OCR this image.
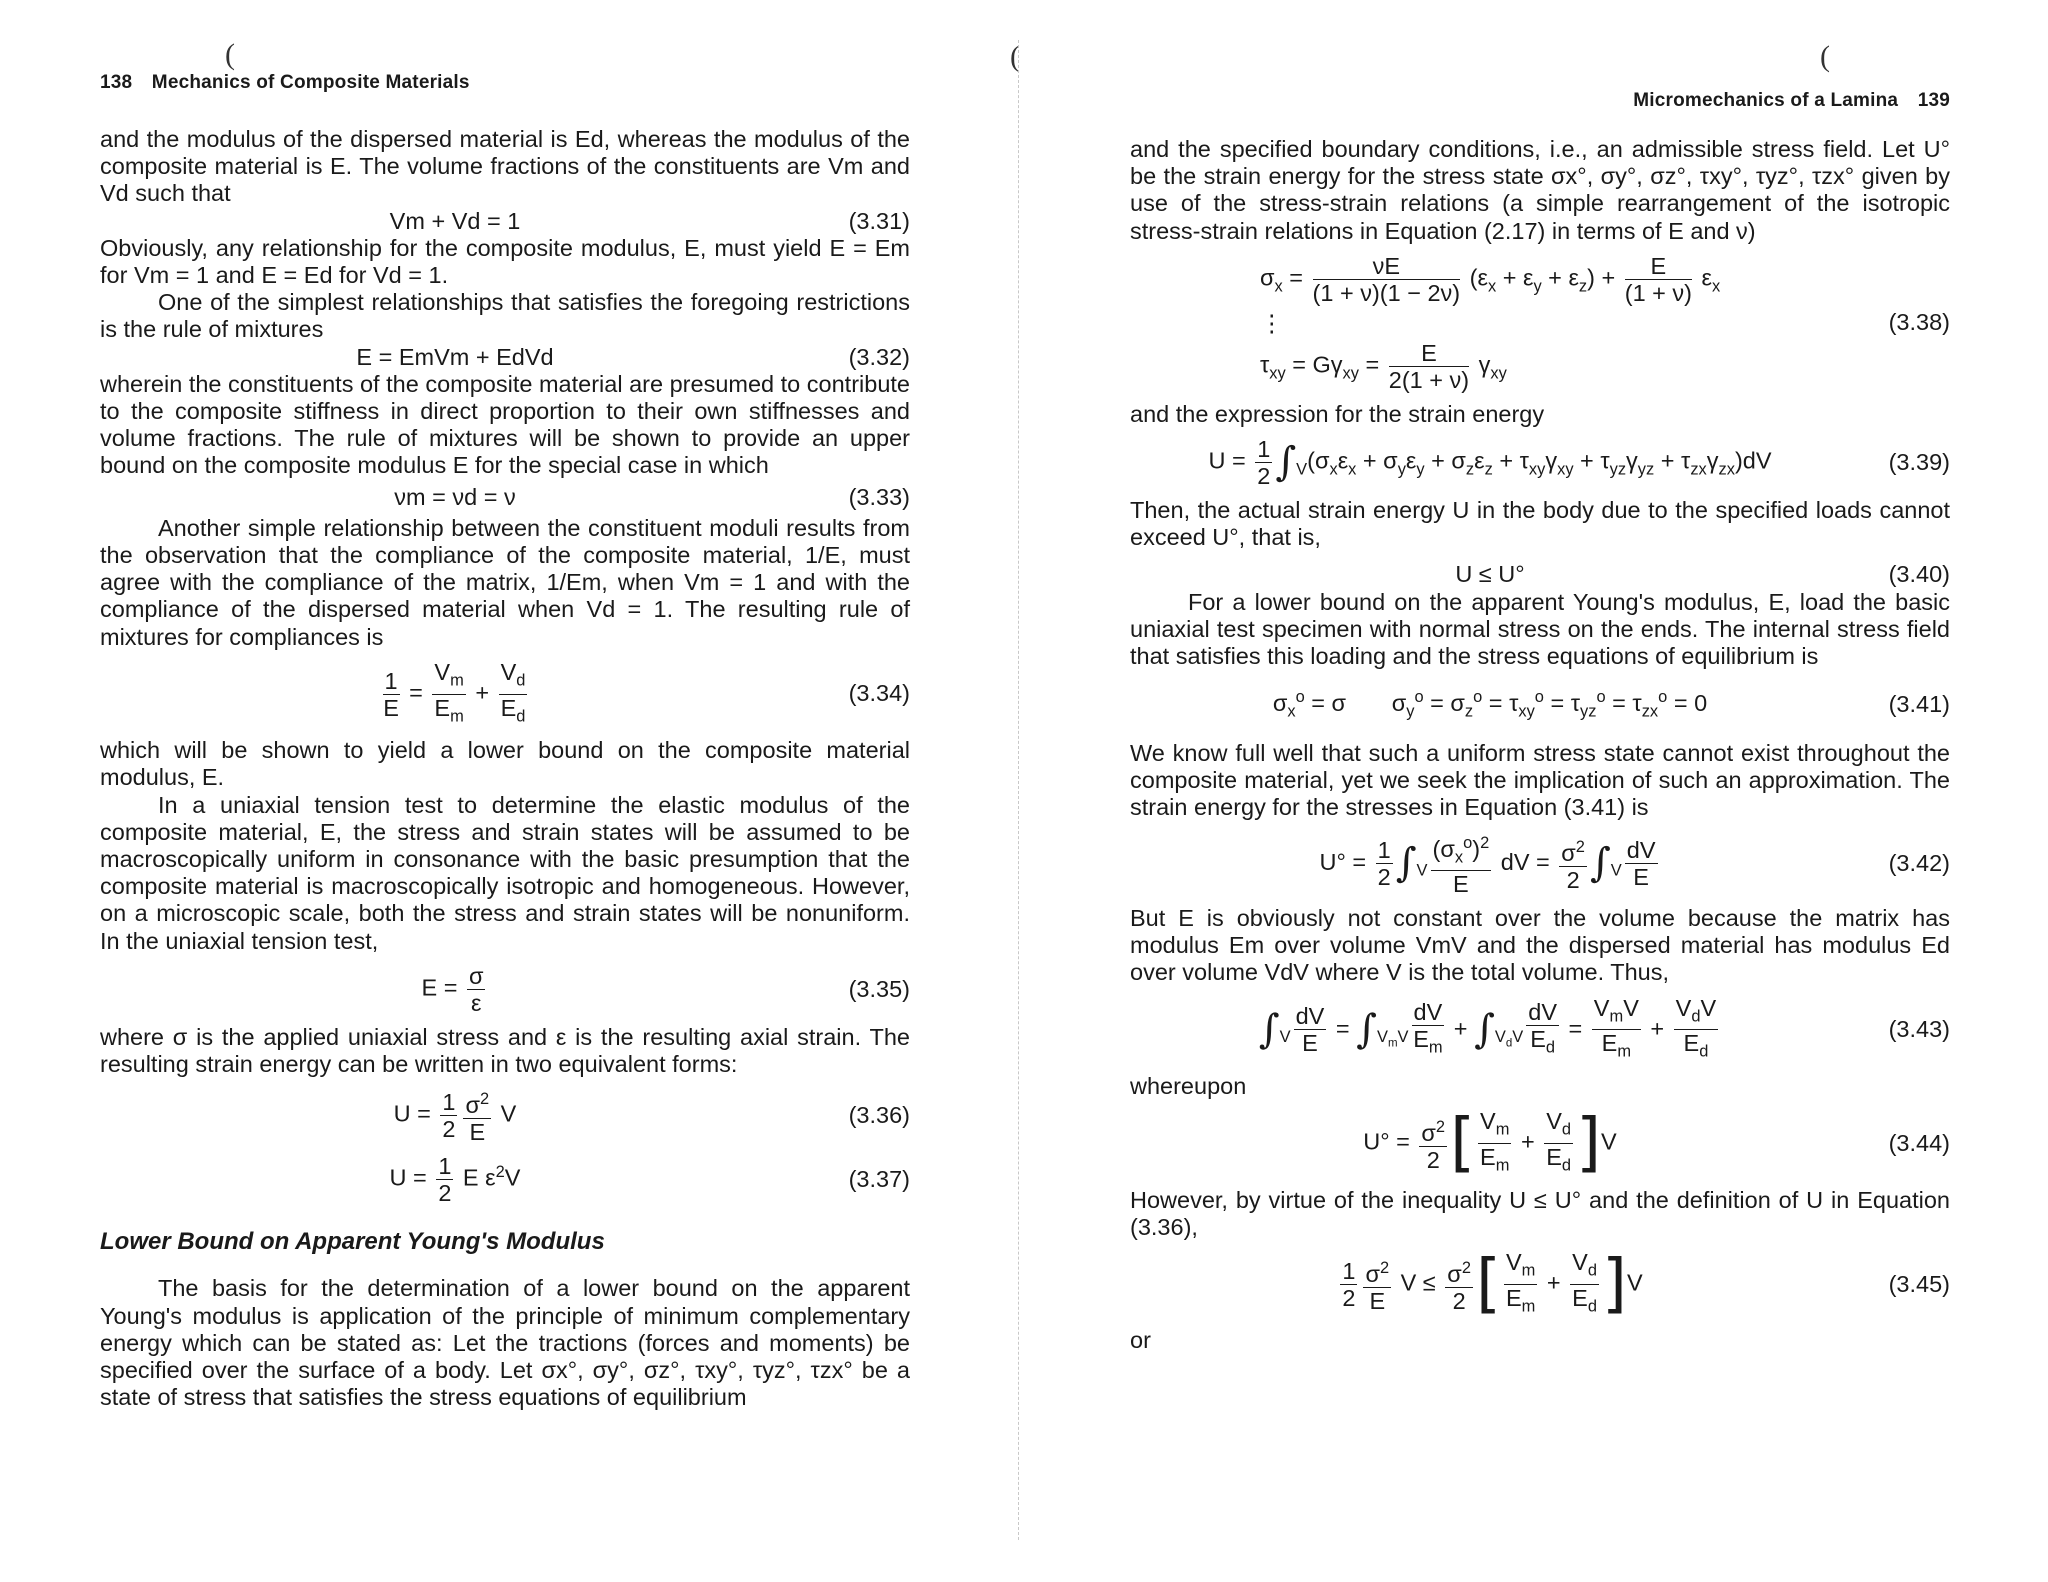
(	(	(
138 Mechanics of Composite Materials

and the modulus of the dispersed material is Ed, whereas the modulus of the composite material is E. The volume fractions of the constituents are Vm and Vd such that

Vm + Vd = 1	(3.31)

Obviously, any relationship for the composite modulus, E, must yield E = Em for Vm = 1 and E = Ed for Vd = 1.

One of the simplest relationships that satisfies the foregoing restrictions is the rule of mixtures

E = EmVm + EdVd	(3.32)

wherein the constituents of the composite material are presumed to contribute to the composite stiffness in direct proportion to their own stiffnesses and volume fractions. The rule of mixtures will be shown to provide an upper bound on the composite modulus E for the special case in which

νm = νd = ν	(3.33)

Another simple relationship between the constituent moduli results from the observation that the compliance of the composite material, 1/E, must agree with the compliance of the matrix, 1/Em, when Vm = 1 and with the compliance of the dispersed material when Vd = 1. The resulting rule of mixtures for compliances is

$\frac{1}{E} = \frac{V_m}{E_m} + \frac{V_d}{E_d}$	(3.34)

which will be shown to yield a lower bound on the composite material modulus, E.

In a uniaxial tension test to determine the elastic modulus of the composite material, E, the stress and strain states will be assumed to be macroscopically uniform in consonance with the basic presumption that the composite material is macroscopically isotropic and homogeneous. However, on a microscopic scale, both the stress and strain states will be nonuniform. In the uniaxial tension test,

$E = \frac{\sigma}{\varepsilon}$	(3.35)

where σ is the applied uniaxial stress and ε is the resulting axial strain. The resulting strain energy can be written in two equivalent forms:

$U = \frac{1}{2} \frac{\sigma^2}{E}$ V	(3.36)
$U = \frac{1}{2}$ E $\varepsilon^2V$	(3.37)
Lower Bound on Apparent Young's Modulus

The basis for the determination of a lower bound on the apparent Young's modulus is application of the principle of minimum complementary energy which can be stated as: Let the tractions (forces and moments) be specified over the surface of a body. Let σx°, σy°, σz°, τxy°, τyz°, τzx° be a state of stress that satisfies the stress equations of equilibrium

Micromechanics of a Lamina 139

and the specified boundary conditions, i.e., an admissible stress field. Let U° be the strain energy for the stress state σx°, σy°, σz°, τxy°, τyz°, τzx° given by use of the stress-strain relations (a simple rearrangement of the isotropic stress-strain relations in Equation (2.17) in terms of E and ν)

$\sigma_x = \frac{\nu E}{(1 + \nu)(1 - 2\nu)} (\varepsilon_x + \varepsilon_y + \varepsilon_z) + \frac{E}{(1 + \nu)} \varepsilon_x$
⋮
$\tau_{xy} = G\gamma_{xy} = \frac{E}{2(1 + \nu)} \gamma_{xy}$
(3.38)

and the expression for the strain energy

$U = \frac{1}{2} \int_V(\sigma_x\varepsilon_x + \sigma_y\varepsilon_y + \sigma_z\varepsilon_z + \tau_{xy}\gamma_{xy} + \tau_{yz}\gamma_{yz} + \tau_{zx}\gamma_{zx})dV$	(3.39)

Then, the actual strain energy U in the body due to the specified loads cannot exceed U°, that is,

U ≤ U°	(3.40)

For a lower bound on the apparent Young's modulus, E, load the basic uniaxial test specimen with normal stress on the ends. The internal stress field that satisfies this loading and the stress equations of equilibrium is

$\sigma_x^o = \sigma$       $\sigma_y^o = \sigma_z^o = \tau_{xy}^o = \tau_{yz}^o = \tau_{zx}^o = 0$	(3.41)

We know full well that such a uniform stress state cannot exist throughout the composite material, yet we seek the implication of such an approximation. The strain energy for the stresses in Equation (3.41) is

$U^\circ = \frac{1}{2} \int_V \frac{(\sigma_x^o)^2}{E}$ dV = $\frac{\sigma^2}{2} \int_V \frac{dV}{E}$	(3.42)

But E is obviously not constant over the volume because the matrix has modulus Em over volume VmV and the dispersed material has modulus Ed over volume VdV where V is the total volume. Thus,

$\int_V \frac{dV}{E} = \int_{V_mV} \frac{dV}{E_m} + \int_{V_dV} \frac{dV}{E_d} = \frac{V_mV}{E_m} + \frac{V_dV}{E_d}$	(3.43)

whereupon

$U^\circ = \frac{\sigma^2}{2}$ [ $\frac{V_m}{E_m} + \frac{V_d}{E_d} ]V$	(3.44)

However, by virtue of the inequality U ≤ U° and the definition of U in Equation (3.36),

$\frac{1}{2} \frac{\sigma^2}{E}$ $V \le \frac{\sigma^2}{2}$ [ $\frac{V_m}{E_m} + \frac{V_d}{E_d} ]V$	(3.45)

or
